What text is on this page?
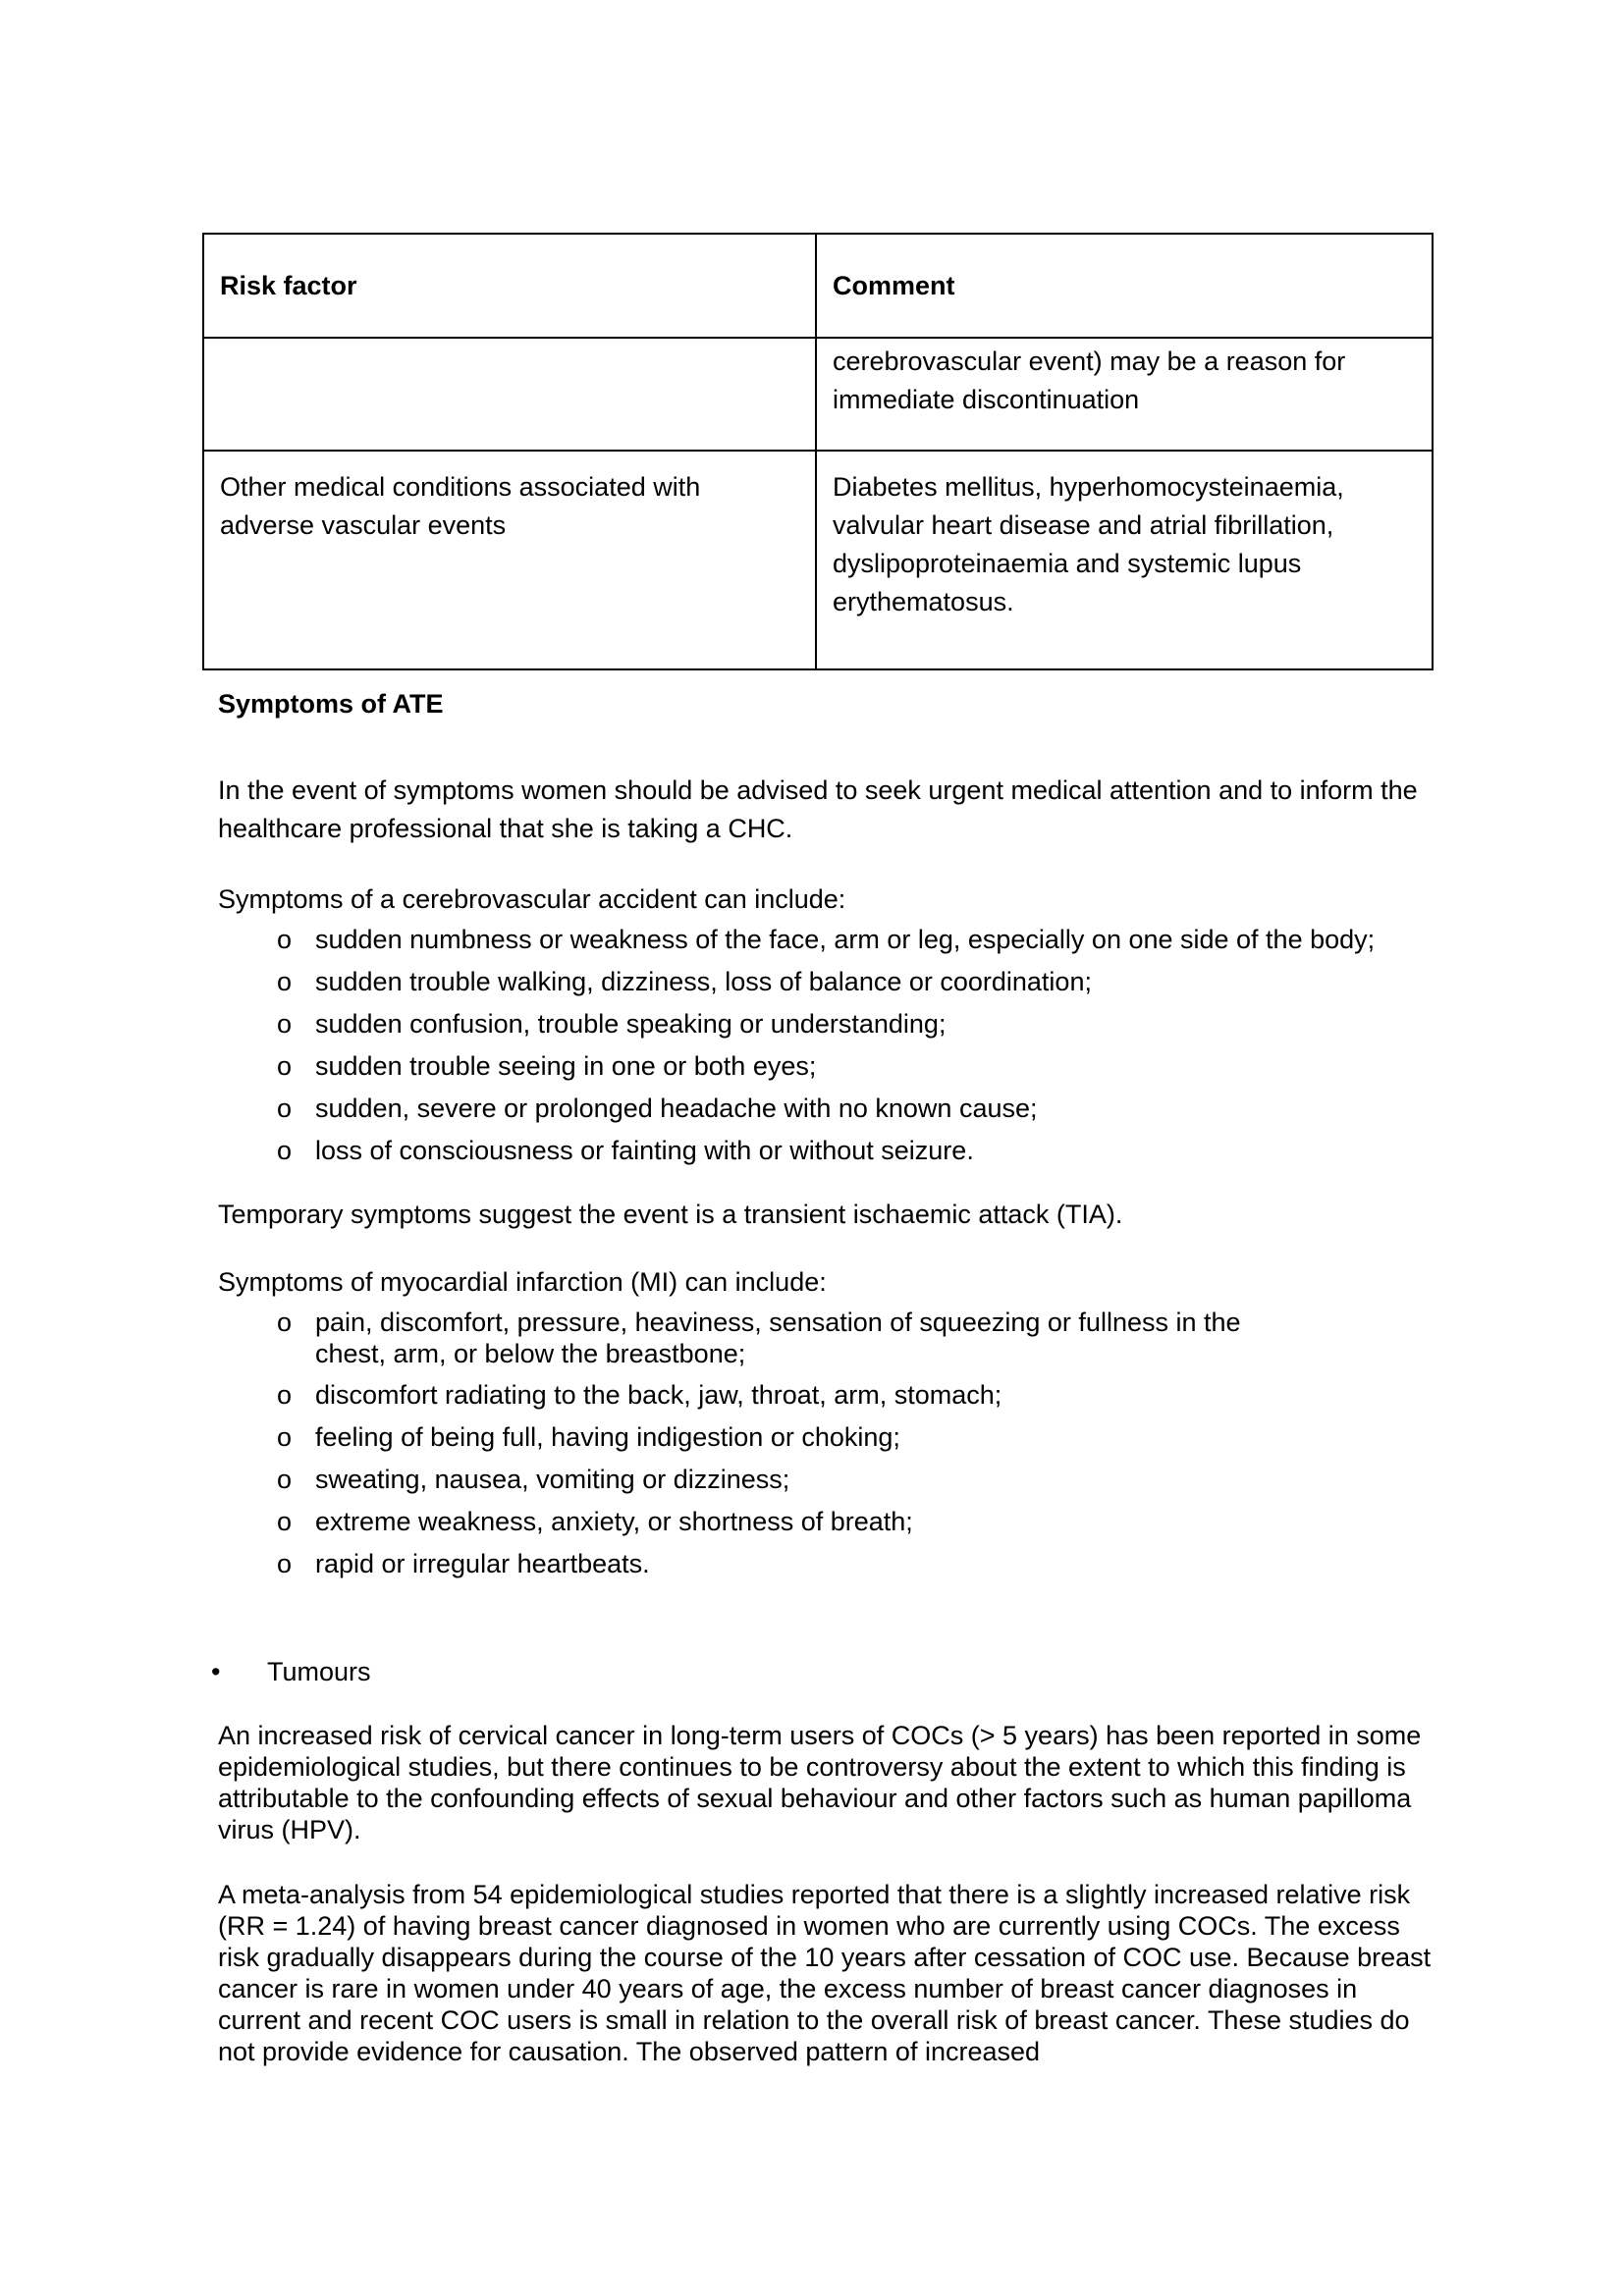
Risk factor	Comment
	cerebrovascular event) may be a reason for immediate discontinuation
Other medical conditions associated with adverse vascular events	Diabetes mellitus, hyperhomocysteinaemia, valvular heart disease and atrial fibrillation, dyslipoproteinaemia and systemic lupus erythematosus.
Symptoms of ATE
In the event of symptoms women should be advised to seek urgent medical attention and to inform the healthcare professional that she is taking a CHC.
Symptoms of a cerebrovascular accident can include:
o sudden numbness or weakness of the face, arm or leg, especially on one side of the body;
o sudden trouble walking, dizziness, loss of balance or coordination;
o sudden confusion, trouble speaking or understanding;
o sudden trouble seeing in one or both eyes;
o sudden, severe or prolonged headache with no known cause;
o loss of consciousness or fainting with or without seizure.
Temporary symptoms suggest the event is a transient ischaemic attack (TIA).
Symptoms of myocardial infarction (MI) can include:
o pain, discomfort, pressure, heaviness, sensation of squeezing or fullness in the chest, arm, or below the breastbone;
o discomfort radiating to the back, jaw, throat, arm, stomach;
o feeling of being full, having indigestion or choking;
o sweating, nausea, vomiting or dizziness;
o extreme weakness, anxiety, or shortness of breath;
o rapid or irregular heartbeats.
• Tumours
An increased risk of cervical cancer in long-term users of COCs (> 5 years) has been reported in some epidemiological studies, but there continues to be controversy about the extent to which this finding is attributable to the confounding effects of sexual behaviour and other factors such as human papilloma virus (HPV).
A meta-analysis from 54 epidemiological studies reported that there is a slightly increased relative risk (RR = 1.24) of having breast cancer diagnosed in women who are currently using COCs. The excess risk gradually disappears during the course of the 10 years after cessation of COC use. Because breast cancer is rare in women under 40 years of age, the excess number of breast cancer diagnoses in current and recent COC users is small in relation to the overall risk of breast cancer. These studies do not provide evidence for causation. The observed pattern of increased
